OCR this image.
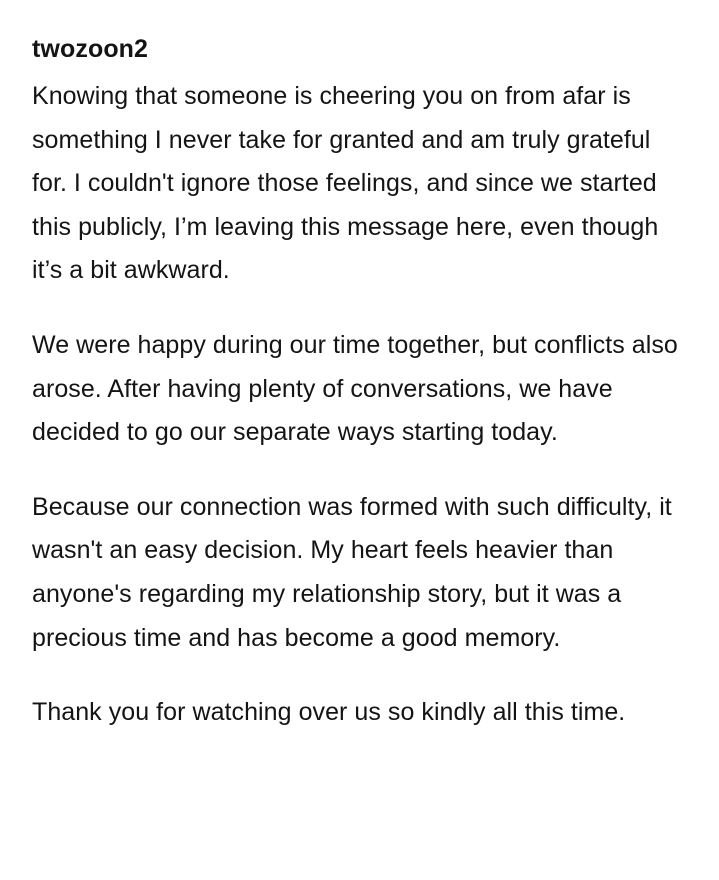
twozoon2

Knowing that someone is cheering you on from afar is something I never take for granted and am truly grateful for. I couldn't ignore those feelings, and since we started this publicly, I’m leaving this message here, even though it’s a bit awkward.

We were happy during our time together, but conflicts also arose. After having plenty of conversations, we have decided to go our separate ways starting today.

Because our connection was formed with such difficulty, it wasn't an easy decision. My heart feels heavier than anyone's regarding my relationship story, but it was a precious time and has become a good memory.

Thank you for watching over us so kindly all this time.
